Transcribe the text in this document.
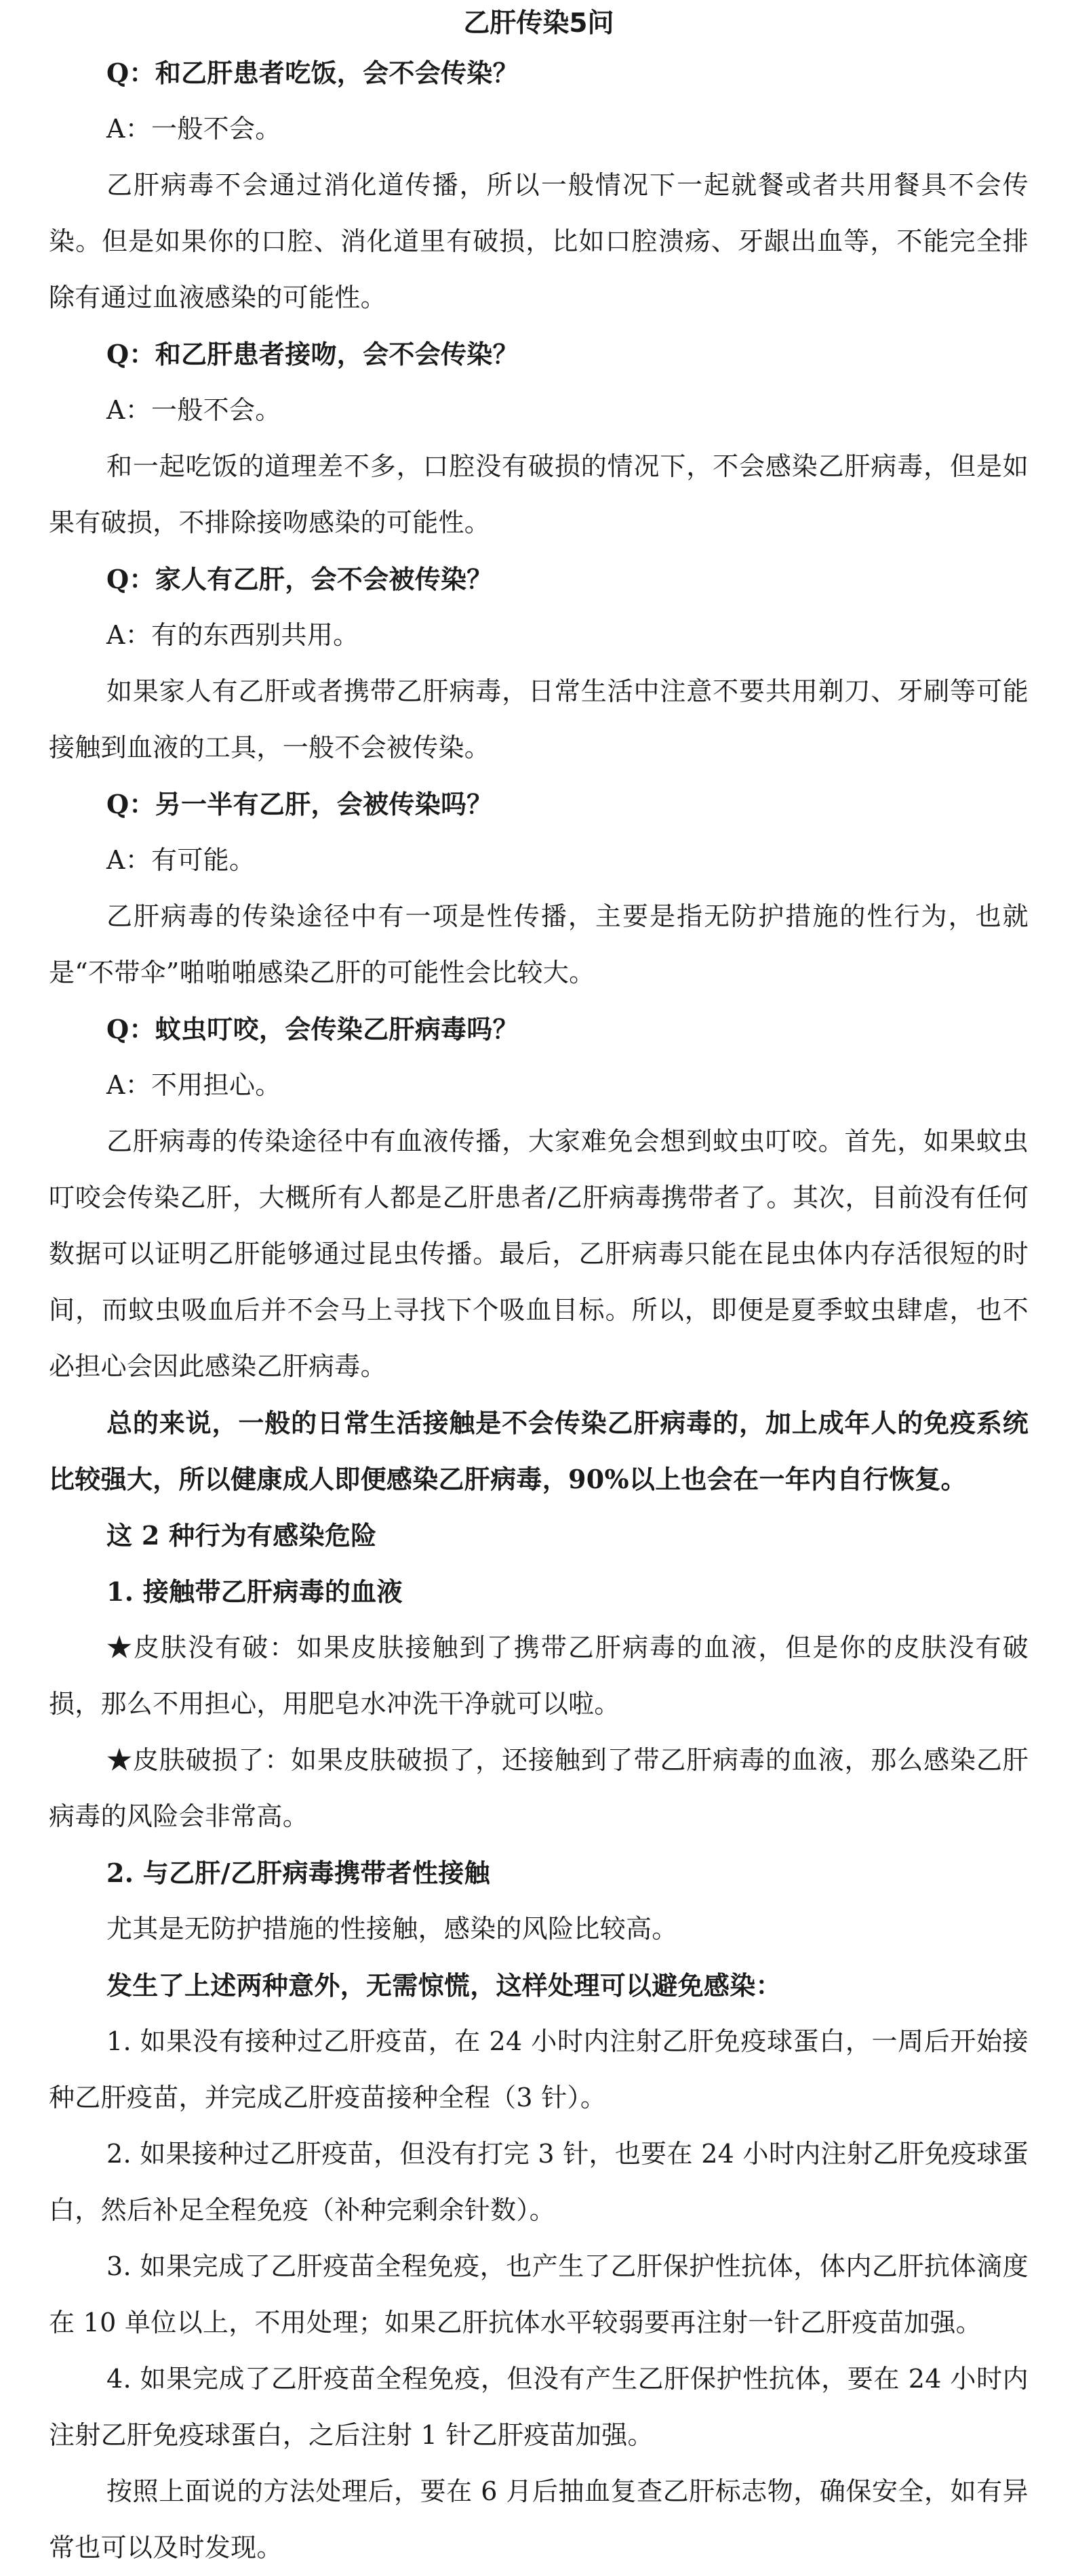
乙肝传染5问

Q：和乙肝患者吃饭，会不会传染？

A：一般不会。

乙肝病毒不会通过消化道传播，所以一般情况下一起就餐或者共用餐具不会传染。但是如果你的口腔、消化道里有破损，比如口腔溃疡、牙龈出血等，不能完全排除有通过血液感染的可能性。

Q：和乙肝患者接吻，会不会传染？

A：一般不会。

和一起吃饭的道理差不多，口腔没有破损的情况下，不会感染乙肝病毒，但是如果有破损，不排除接吻感染的可能性。

Q：家人有乙肝，会不会被传染？

A：有的东西别共用。

如果家人有乙肝或者携带乙肝病毒，日常生活中注意不要共用剃刀、牙刷等可能接触到血液的工具，一般不会被传染。

Q：另一半有乙肝，会被传染吗？

A：有可能。

乙肝病毒的传染途径中有一项是性传播，主要是指无防护措施的性行为，也就是“不带伞”啪啪啪感染乙肝的可能性会比较大。

Q：蚊虫叮咬，会传染乙肝病毒吗？

A：不用担心。

乙肝病毒的传染途径中有血液传播，大家难免会想到蚊虫叮咬。首先，如果蚊虫叮咬会传染乙肝，大概所有人都是乙肝患者/乙肝病毒携带者了。其次，目前没有任何数据可以证明乙肝能够通过昆虫传播。最后，乙肝病毒只能在昆虫体内存活很短的时间，而蚊虫吸血后并不会马上寻找下个吸血目标。所以，即便是夏季蚊虫肆虐，也不必担心会因此感染乙肝病毒。

总的来说，一般的日常生活接触是不会传染乙肝病毒的，加上成年人的免疫系统比较强大，所以健康成人即便感染乙肝病毒，90%以上也会在一年内自行恢复。

这 2 种行为有感染危险

1. 接触带乙肝病毒的血液

★皮肤没有破：如果皮肤接触到了携带乙肝病毒的血液，但是你的皮肤没有破损，那么不用担心，用肥皂水冲洗干净就可以啦。

★皮肤破损了：如果皮肤破损了，还接触到了带乙肝病毒的血液，那么感染乙肝病毒的风险会非常高。

2. 与乙肝/乙肝病毒携带者性接触

尤其是无防护措施的性接触，感染的风险比较高。

发生了上述两种意外，无需惊慌，这样处理可以避免感染：

1. 如果没有接种过乙肝疫苗，在 24 小时内注射乙肝免疫球蛋白，一周后开始接种乙肝疫苗，并完成乙肝疫苗接种全程（3 针）。

2. 如果接种过乙肝疫苗，但没有打完 3 针，也要在 24 小时内注射乙肝免疫球蛋白，然后补足全程免疫（补种完剩余针数）。

3. 如果完成了乙肝疫苗全程免疫，也产生了乙肝保护性抗体，体内乙肝抗体滴度在 10 单位以上，不用处理；如果乙肝抗体水平较弱要再注射一针乙肝疫苗加强。

4. 如果完成了乙肝疫苗全程免疫，但没有产生乙肝保护性抗体，要在 24 小时内注射乙肝免疫球蛋白，之后注射 1 针乙肝疫苗加强。

按照上面说的方法处理后，要在 6 月后抽血复查乙肝标志物，确保安全，如有异常也可以及时发现。
